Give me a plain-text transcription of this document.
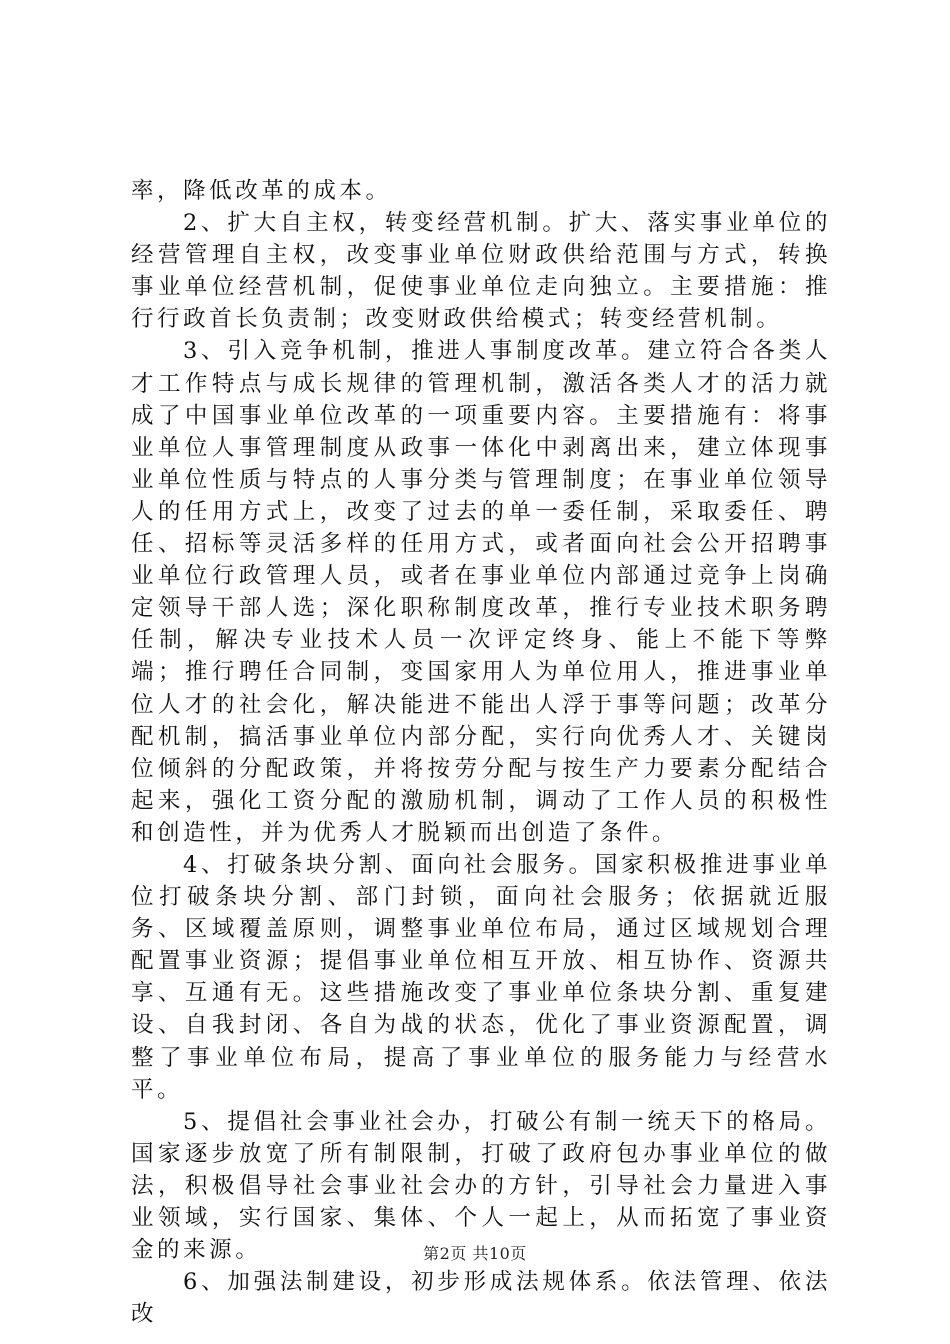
率，降低改革的成本。

2、扩大自主权，转变经营机制。扩大、落实事业单位的经营管理自主权，改变事业单位财政供给范围与方式，转换事业单位经营机制，促使事业单位走向独立。主要措施：推行行政首长负责制；改变财政供给模式；转变经营机制。

3、引入竞争机制，推进人事制度改革。建立符合各类人才工作特点与成长规律的管理机制，激活各类人才的活力就成了中国事业单位改革的一项重要内容。主要措施有：将事业单位人事管理制度从政事一体化中剥离出来，建立体现事业单位性质与特点的人事分类与管理制度；在事业单位领导人的任用方式上，改变了过去的单一委任制，采取委任、聘任、招标等灵活多样的任用方式，或者面向社会公开招聘事业单位行政管理人员，或者在事业单位内部通过竞争上岗确定领导干部人选；深化职称制度改革，推行专业技术职务聘任制，解决专业技术人员一次评定终身、能上不能下等弊端；推行聘任合同制，变国家用人为单位用人，推进事业单位人才的社会化，解决能进不能出人浮于事等问题；改革分配机制，搞活事业单位内部分配，实行向优秀人才、关键岗位倾斜的分配政策，并将按劳分配与按生产力要素分配结合起来，强化工资分配的激励机制，调动了工作人员的积极性和创造性，并为优秀人才脱颖而出创造了条件。

4、打破条块分割、面向社会服务。国家积极推进事业单位打破条块分割、部门封锁，面向社会服务；依据就近服务、区域覆盖原则，调整事业单位布局，通过区域规划合理配置事业资源；提倡事业单位相互开放、相互协作、资源共享、互通有无。这些措施改变了事业单位条块分割、重复建设、自我封闭、各自为战的状态，优化了事业资源配置，调整了事业单位布局，提高了事业单位的服务能力与经营水平。

5、提倡社会事业社会办，打破公有制一统天下的格局。国家逐步放宽了所有制限制，打破了政府包办事业单位的做法，积极倡导社会事业社会办的方针，引导社会力量进入事业领域，实行国家、集体、个人一起上，从而拓宽了事业资金的来源。

6、加强法制建设，初步形成法规体系。依法管理、依法改

第2页 共10页
